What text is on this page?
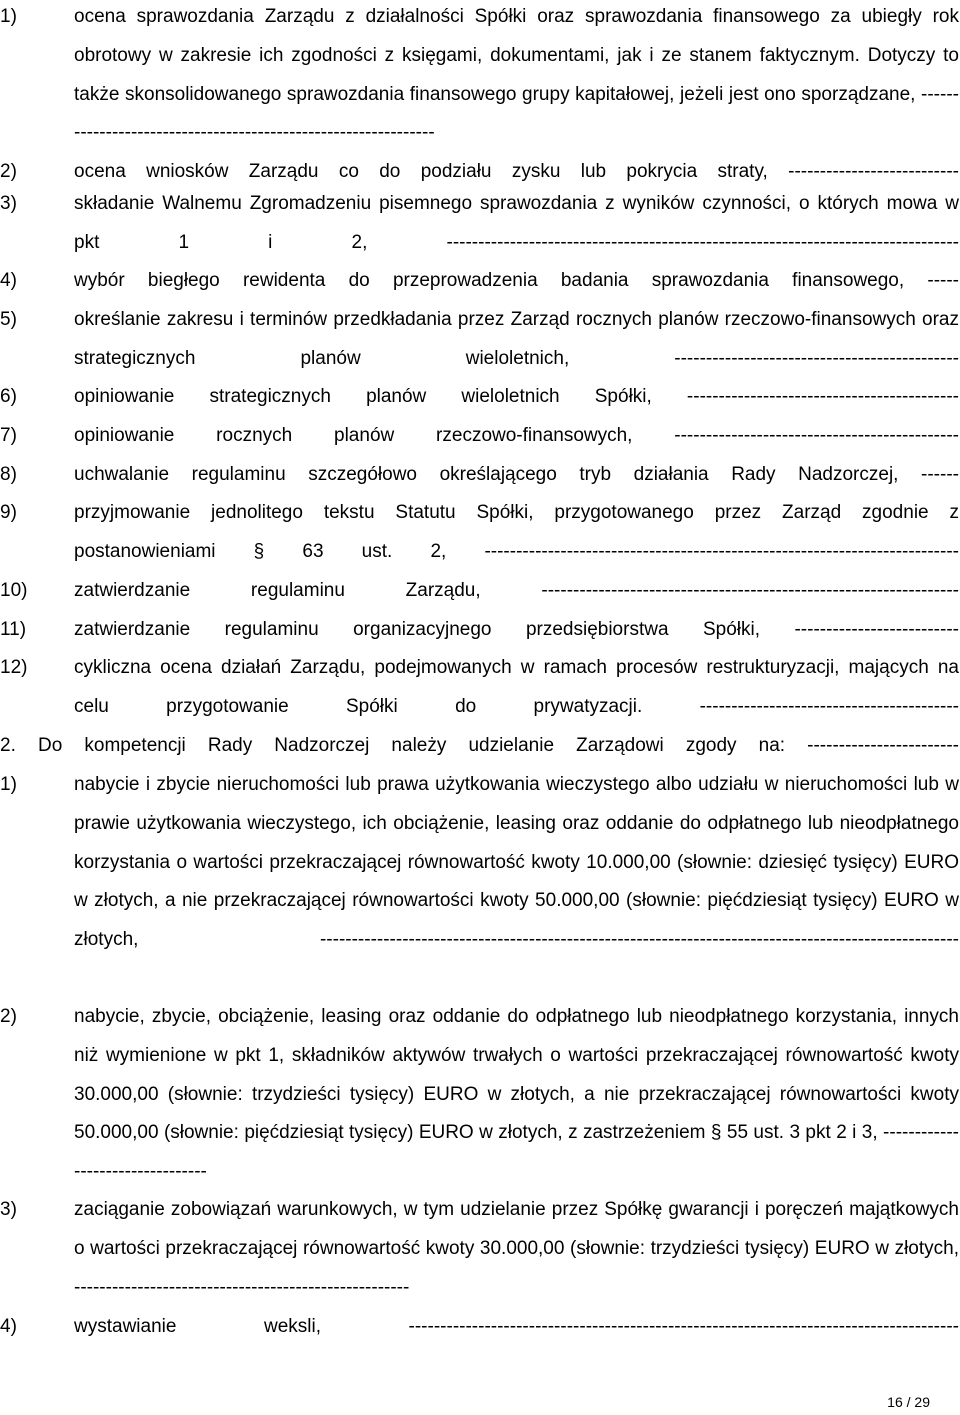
1)	ocena sprawozdania Zarządu z działalności Spółki oraz sprawozdania finansowego za ubiegły rok obrotowy w zakresie ich zgodności z księgami, dokumentami, jak i ze stanem faktycznym. Dotyczy to także skonsolidowanego sprawozdania finansowego grupy kapitałowej, jeżeli jest ono sporządzane, ---------------------------------------------------------------
2)	ocena wniosków Zarządu co do podziału zysku lub pokrycia straty, ---------------------------
3)	składanie Walnemu Zgromadzeniu pisemnego sprawozdania z wyników czynności, o których mowa w pkt 1 i 2, ---------------------------------------------------------------------------------
4)	wybór biegłego rewidenta do przeprowadzenia badania sprawozdania finansowego, -----
5)	określanie zakresu i terminów przedkładania przez Zarząd rocznych planów rzeczowo-finansowych oraz strategicznych planów wieloletnich, ---------------------------------------------
6)	opiniowanie strategicznych planów wieloletnich Spółki, -------------------------------------------
7)	opiniowanie rocznych planów rzeczowo-finansowych, ---------------------------------------------
8)	uchwalanie regulaminu szczegółowo określającego tryb działania Rady Nadzorczej, ------
9)	przyjmowanie jednolitego tekstu Statutu Spółki, przygotowanego przez Zarząd zgodnie z postanowieniami § 63 ust. 2, ---------------------------------------------------------------------------
10) zatwierdzanie regulaminu Zarządu, ------------------------------------------------------------------
11)	zatwierdzanie regulaminu organizacyjnego przedsiębiorstwa Spółki, --------------------------
12) cykliczna ocena działań Zarządu, podejmowanych w ramach procesów restrukturyzacji, mających na celu przygotowanie Spółki do prywatyzacji. -----------------------------------------
2. Do kompetencji Rady Nadzorczej należy udzielanie Zarządowi zgody na: ------------------------
1)	nabycie i zbycie nieruchomości lub prawa użytkowania wieczystego albo udziału w nieruchomości lub w prawie użytkowania wieczystego, ich obciążenie, leasing oraz oddanie do odpłatnego lub nieodpłatnego korzystania o wartości przekraczającej równowartość kwoty 10.000,00 (słownie: dziesięć tysięcy) EURO w złotych, a nie przekraczającej równowartości kwoty 50.000,00 (słownie: pięćdziesiąt tysięcy) EURO w złotych, -----------------------------------------------------------------------------------------------------
2)	nabycie, zbycie, obciążenie, leasing oraz oddanie do odpłatnego lub nieodpłatnego korzystania, innych niż wymienione w pkt 1, składników aktywów trwałych o wartości przekraczającej równowartość kwoty 30.000,00 (słownie: trzydzieści tysięcy) EURO w złotych, a nie przekraczającej równowartości kwoty 50.000,00 (słownie: pięćdziesiąt tysięcy) EURO w złotych, z zastrzeżeniem § 55 ust. 3 pkt 2 i 3, ---------------------------------
3)	zaciąganie zobowiązań warunkowych, w tym udzielanie przez Spółkę gwarancji i poręczeń majątkowych o wartości przekraczającej równowartość kwoty 30.000,00 (słownie: trzydzieści tysięcy) EURO w złotych, -----------------------------------------------------
4)	wystawianie weksli, ---------------------------------------------------------------------------------------
16 / 29
